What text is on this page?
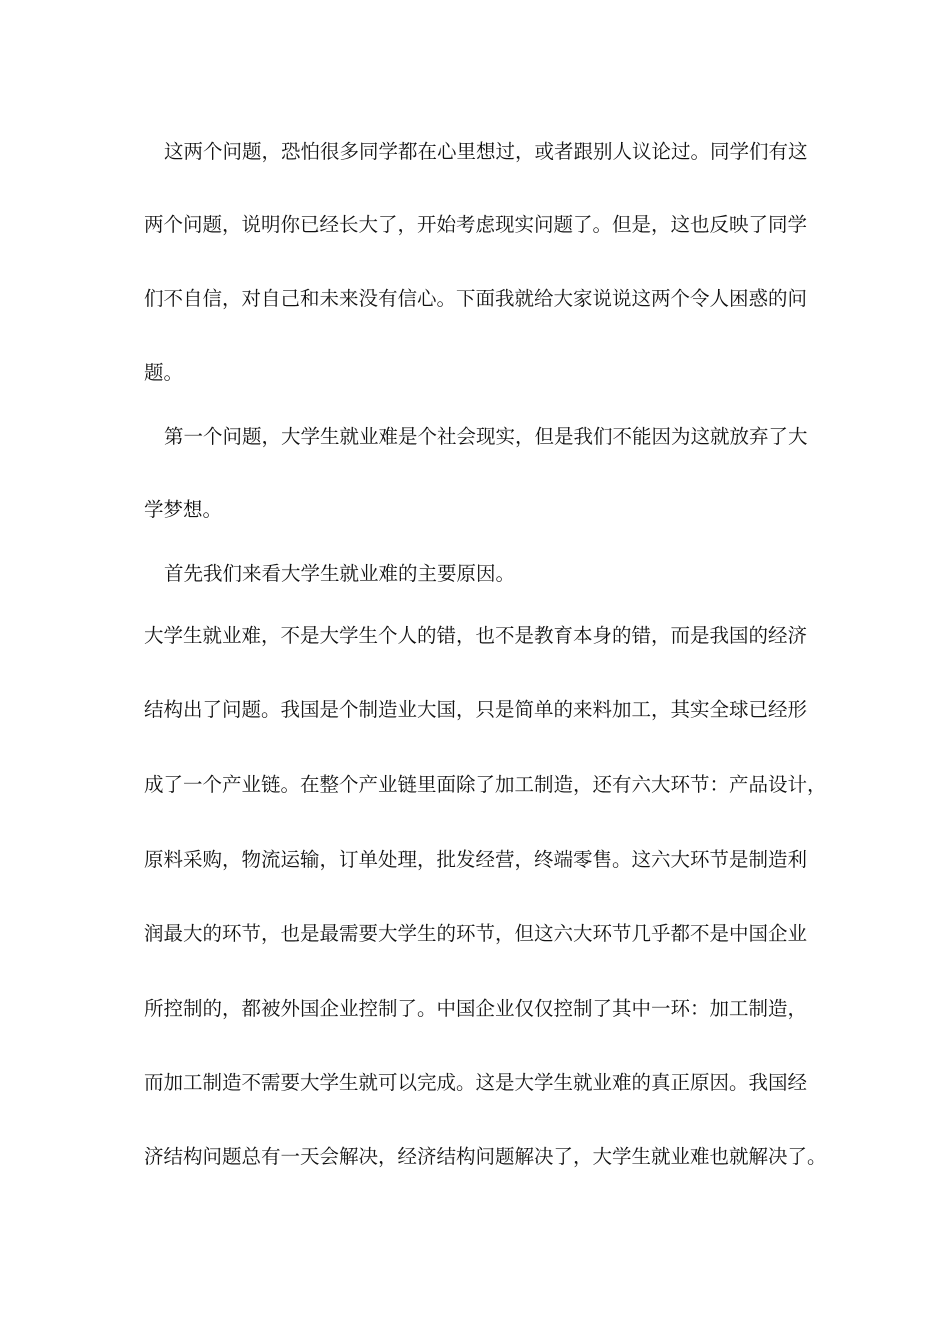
这两个问题，恐怕很多同学都在心里想过，或者跟别人议论过。同学们有这
两个问题，说明你已经长大了，开始考虑现实问题了。但是，这也反映了同学
们不自信，对自己和未来没有信心。下面我就给大家说说这两个令人困惑的问
题。
第一个问题，大学生就业难是个社会现实，但是我们不能因为这就放弃了大
学梦想。
首先我们来看大学生就业难的主要原因。
大学生就业难，不是大学生个人的错，也不是教育本身的错，而是我国的经济
结构出了问题。我国是个制造业大国，只是简单的来料加工，其实全球已经形
成了一个产业链。在整个产业链里面除了加工制造，还有六大环节：产品设计，
原料采购，物流运输，订单处理，批发经营，终端零售。这六大环节是制造利
润最大的环节，也是最需要大学生的环节，但这六大环节几乎都不是中国企业
所控制的，都被外国企业控制了。中国企业仅仅控制了其中一环：加工制造，
而加工制造不需要大学生就可以完成。这是大学生就业难的真正原因。我国经
济结构问题总有一天会解决，经济结构问题解决了，大学生就业难也就解决了。
